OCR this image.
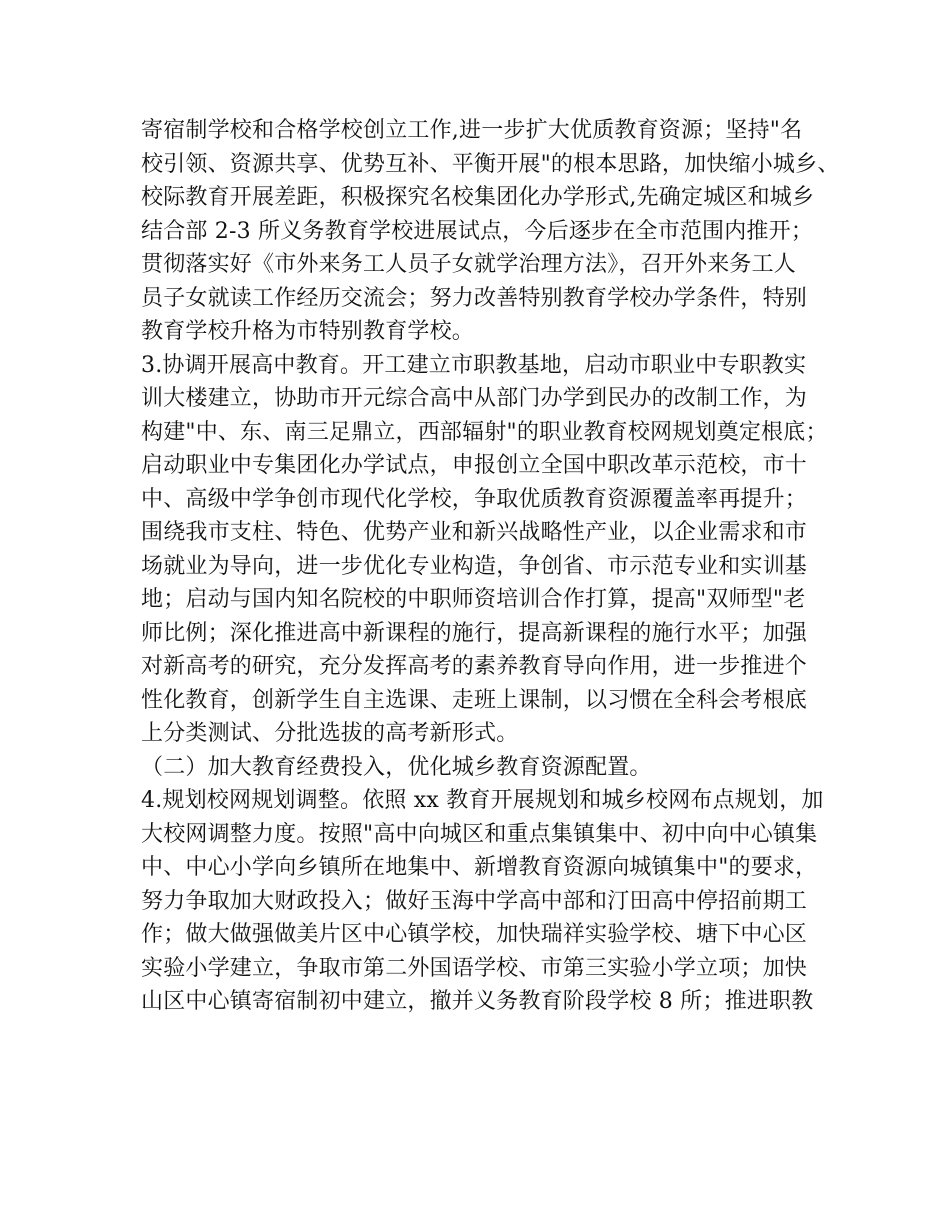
寄宿制学校和合格学校创立工作,进一步扩大优质教育资源；坚持"名
校引领、资源共享、优势互补、平衡开展"的根本思路，加快缩小城乡、
校际教育开展差距，积极探究名校集团化办学形式,先确定城区和城乡
结合部 2-3 所义务教育学校进展试点，今后逐步在全市范围内推开；
贯彻落实好《市外来务工人员子女就学治理方法》，召开外来务工人
员子女就读工作经历交流会；努力改善特别教育学校办学条件，特别
教育学校升格为市特别教育学校。
3.协调开展高中教育。开工建立市职教基地，启动市职业中专职教实
训大楼建立，协助市开元综合高中从部门办学到民办的改制工作，为
构建"中、东、南三足鼎立，西部辐射"的职业教育校网规划奠定根底；
启动职业中专集团化办学试点，申报创立全国中职改革示范校，市十
中、高级中学争创市现代化学校，争取优质教育资源覆盖率再提升；
围绕我市支柱、特色、优势产业和新兴战略性产业，以企业需求和市
场就业为导向，进一步优化专业构造，争创省、市示范专业和实训基
地；启动与国内知名院校的中职师资培训合作打算，提高"双师型"老
师比例；深化推进高中新课程的施行，提高新课程的施行水平；加强
对新高考的研究，充分发挥高考的素养教育导向作用，进一步推进个
性化教育，创新学生自主选课、走班上课制，以习惯在全科会考根底
上分类测试、分批选拔的高考新形式。
（二）加大教育经费投入，优化城乡教育资源配置。
4.规划校网规划调整。依照 xx 教育开展规划和城乡校网布点规划，加
大校网调整力度。按照"高中向城区和重点集镇集中、初中向中心镇集
中、中心小学向乡镇所在地集中、新增教育资源向城镇集中"的要求，
努力争取加大财政投入；做好玉海中学高中部和汀田高中停招前期工
作；做大做强做美片区中心镇学校，加快瑞祥实验学校、塘下中心区
实验小学建立，争取市第二外国语学校、市第三实验小学立项；加快
山区中心镇寄宿制初中建立，撤并义务教育阶段学校 8 所；推进职教
